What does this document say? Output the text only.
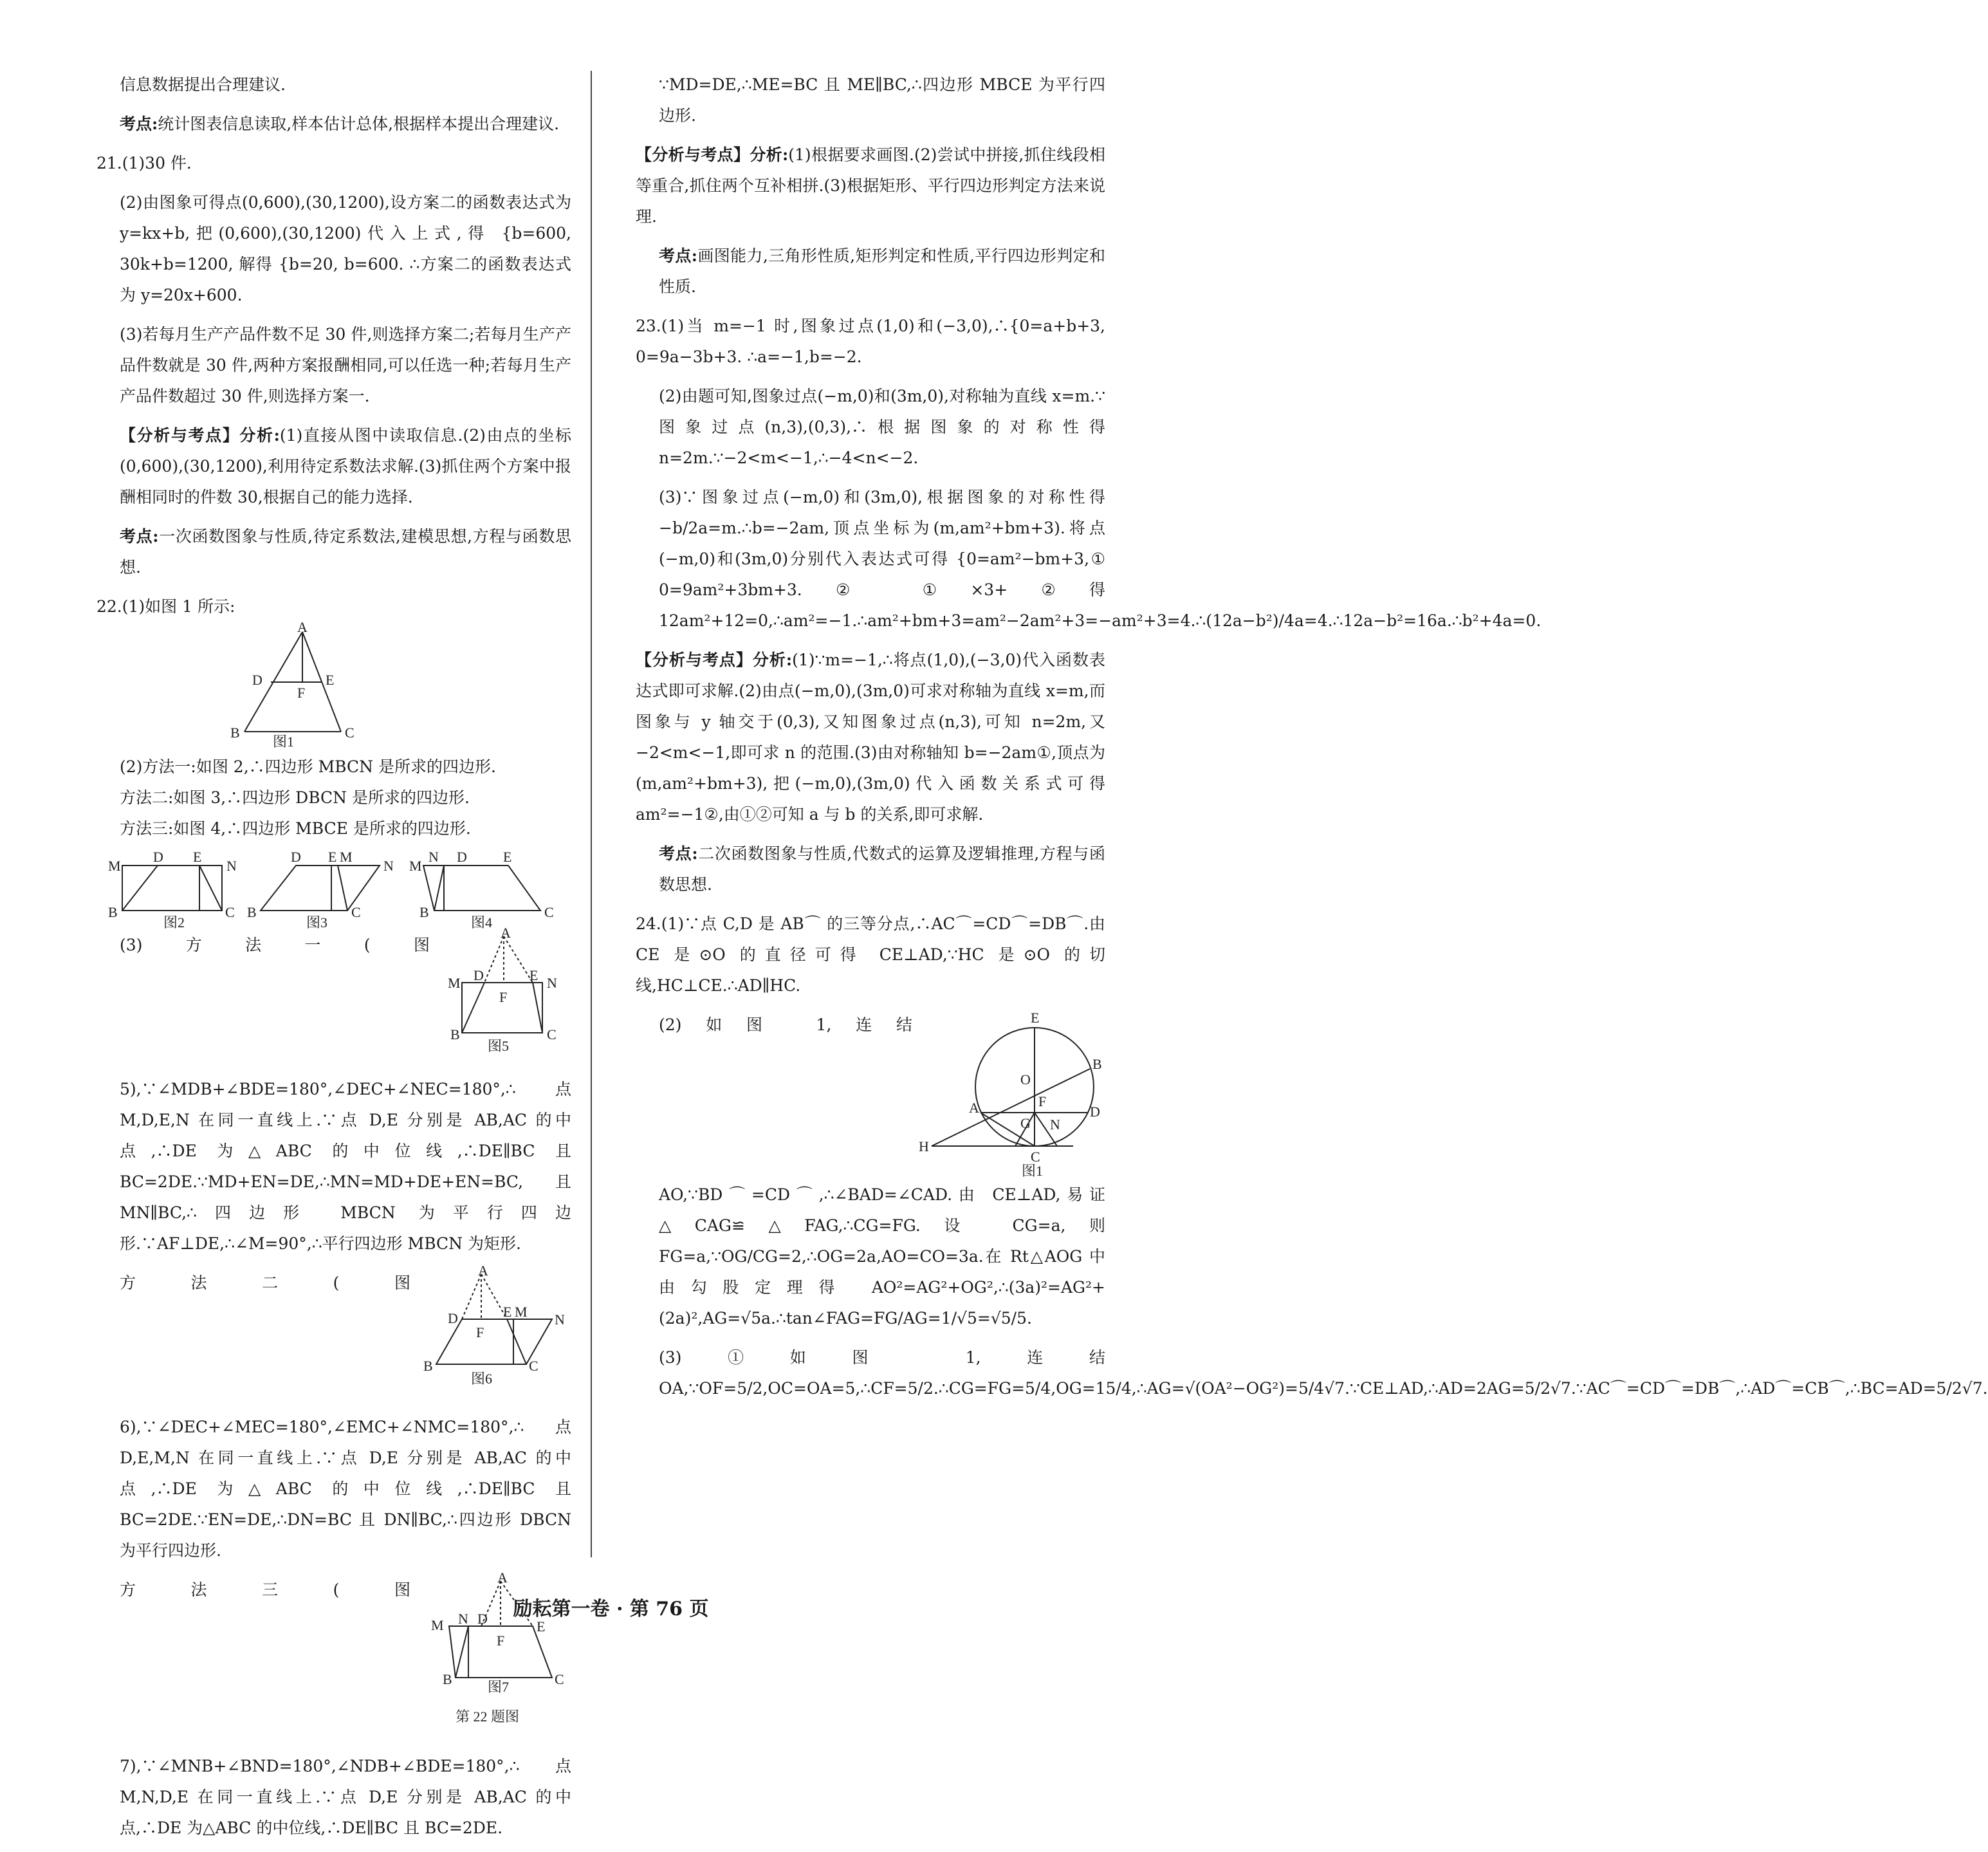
信息数据提出合理建议.

考点:统计图表信息读取,样本估计总体,根据样本提出合理建议.

21.(1)30 件.

(2)由图象可得点(0,600),(30,1200),设方案二的函数表达式为 y=kx+b,把(0,600),(30,1200)代入上式,得 {b=600, 30k+b=1200, 解得 {b=20, b=600. ∴方案二的函数表达式为 y=20x+600.

(3)若每月生产产品件数不足 30 件,则选择方案二;若每月生产产品件数就是 30 件,两种方案报酬相同,可以任选一种;若每月生产产品件数超过 30 件,则选择方案一.

【分析与考点】分析:(1)直接从图中读取信息.(2)由点的坐标(0,600),(30,1200),利用待定系数法求解.(3)抓住两个方案中报酬相同时的件数 30,根据自己的能力选择.

考点:一次函数图象与性质,待定系数法,建模思想,方程与函数思想.

22.(1)如图 1 所示:

A
D	E
F
B	C
图1

(2)方法一:如图 2,∴四边形 MBCN 是所求的四边形.

方法二:如图 3,∴四边形 DBCN 是所求的四边形.

方法三:如图 4,∴四边形 MBCE 是所求的四边形.

M
D E
N
B	C
D E M
N
B	C
M
N D	E
B	C
图2	图3	图4
A
M D	E N
F
B	C
图5

(3)方法一(图 5),∵∠MDB+∠BDE=180°,∠DEC+∠NEC=180°,∴点 M,D,E,N 在同一直线上.∵点 D,E 分别是 AB,AC 的中点,∴DE 为△ABC 的中位线,∴DE∥BC 且 BC=2DE.∵MD+EN=DE,∴MN=MD+DE+EN=BC,且 MN∥BC,∴四边形 MBCN 为平行四边形.∵AF⊥DE,∴∠M=90°,∴平行四边形 MBCN 为矩形.

A
D	E M N
F
B	C
图6

方法二(图 6),∵∠DEC+∠MEC=180°,∠EMC+∠NMC=180°,∴点 D,E,M,N 在同一直线上.∵点 D,E 分别是 AB,AC 的中点,∴DE 为△ABC 的中位线,∴DE∥BC 且 BC=2DE.∵EN=DE,∴DN=BC 且 DN∥BC,∴四边形 DBCN 为平行四边形.

A
M N D	E
F
B	C
图7
第 22 题图

方法三(图 7),∵∠MNB+∠BND=180°,∠NDB+∠BDE=180°,∴点 M,N,D,E 在同一直线上.∵点 D,E 分别是 AB,AC 的中点,∴DE 为△ABC 的中位线,∴DE∥BC 且 BC=2DE.

∵MD=DE,∴ME=BC 且 ME∥BC,∴四边形 MBCE 为平行四边形.

【分析与考点】分析:(1)根据要求画图.(2)尝试中拼接,抓住线段相等重合,抓住两个互补相拼.(3)根据矩形、平行四边形判定方法来说理.

考点:画图能力,三角形性质,矩形判定和性质,平行四边形判定和性质.

23.(1)当 m=−1 时,图象过点(1,0)和(−3,0),∴{0=a+b+3, 0=9a−3b+3. ∴a=−1,b=−2.

(2)由题可知,图象过点(−m,0)和(3m,0),对称轴为直线 x=m.∵图象过点(n,3),(0,3),∴根据图象的对称性得 n=2m.∵−2<m<−1,∴−4<n<−2.

(3)∵图象过点(−m,0)和(3m,0),根据图象的对称性得 −b/2a=m.∴b=−2am,顶点坐标为(m,am²+bm+3).将点(−m,0)和(3m,0)分别代入表达式可得 {0=am²−bm+3,① 0=9am²+3bm+3.② ①×3+②得 12am²+12=0,∴am²=−1.∴am²+bm+3=am²−2am²+3=−am²+3=4.∴(12a−b²)/4a=4.∴12a−b²=16a.∴b²+4a=0.

【分析与考点】分析:(1)∵m=−1,∴将点(1,0),(−3,0)代入函数表达式即可求解.(2)由点(−m,0),(3m,0)可求对称轴为直线 x=m,而图象与 y 轴交于(0,3),又知图象过点(n,3),可知 n=2m,又−2<m<−1,即可求 n 的范围.(3)由对称轴知 b=−2am①,顶点为(m,am²+bm+3),把(−m,0),(3m,0)代入函数关系式可得 am²=−1②,由①②可知 a 与 b 的关系,即可求解.

考点:二次函数图象与性质,代数式的运算及逻辑推理,方程与函数思想.

24.(1)∵点 C,D 是 AB⌒ 的三等分点,∴AC⌒=CD⌒=DB⌒.由 CE 是⊙O 的直径可得 CE⊥AD,∵HC 是⊙O 的切线,HC⊥CE.∴AD∥HC.

E
B
O
F
A
G N
D
H
C
图1

(2)如图 1,连结 AO,∵BD⌒=CD⌒,∴∠BAD=∠CAD.由 CE⊥AD,易证△CAG≌△FAG,∴CG=FG.设 CG=a,则 FG=a,∵OG/CG=2,∴OG=2a,AO=CO=3a.在 Rt△AOG 中由勾股定理得 AO²=AG²+OG²,∴(3a)²=AG²+(2a)²,AG=√5a.∴tan∠FAG=FG/AG=1/√5=√5/5.

(3)①如图 1,连结 OA,∵OF=5/2,OC=OA=5,∴CF=5/2.∴CG=FG=5/4,OG=15/4,∴AG=√(OA²−OG²)=5/4√7.∵CE⊥AD,∴AD=2AG=5/2√7.∵AC⌒=CD⌒=DB⌒,∴AD⌒=CB⌒,∴BC=AD=5/2√7.

励耘第一卷 · 第 76 页
